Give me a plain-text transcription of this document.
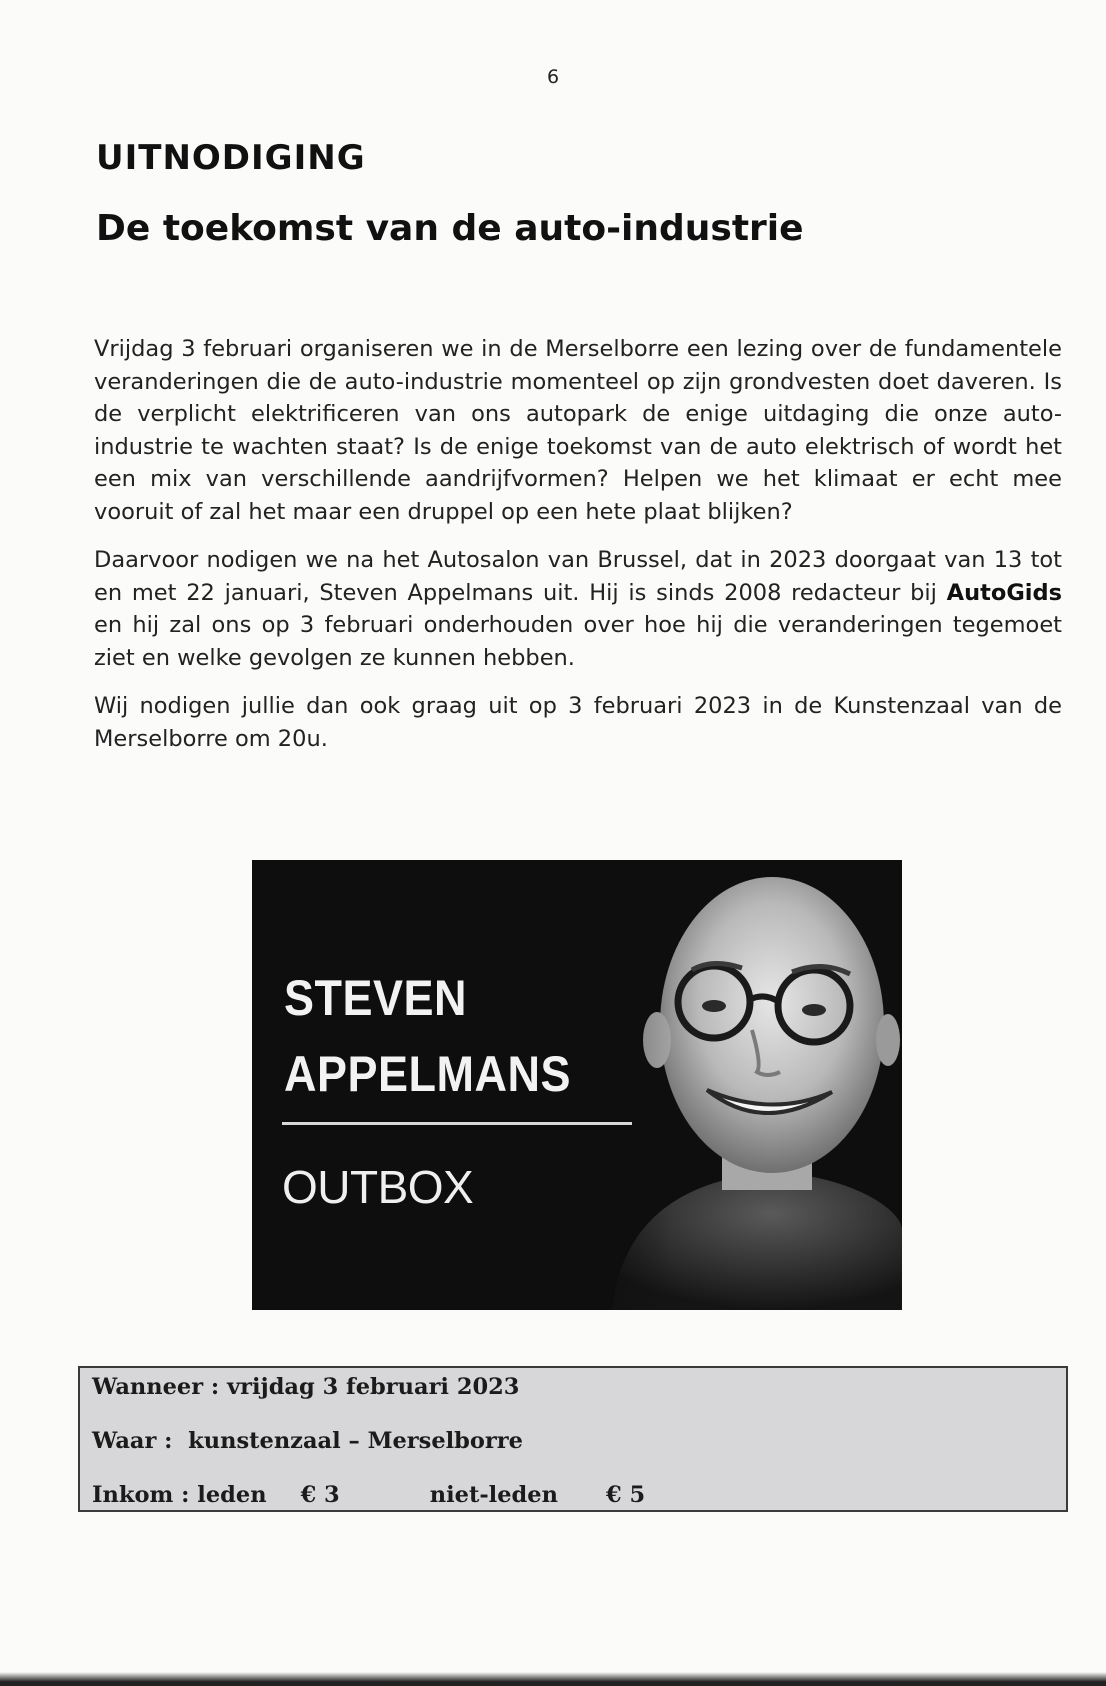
6
UITNODIGING
De toekomst van de auto-industrie

Vrijdag 3 februari organiseren we in de Merselborre een lezing over de fundamentele veranderingen die de auto-industrie momenteel op zijn grondvesten doet daveren. Is de verplicht elektrificeren van ons autopark de enige uitdaging die onze auto-industrie te wachten staat? Is de enige toekomst van de auto elektrisch of wordt het een mix van verschillende aandrijfvormen? Helpen we het klimaat er echt mee vooruit of zal het maar een druppel op een hete plaat blijken?

Daarvoor nodigen we na het Autosalon van Brussel, dat in 2023 doorgaat van 13 tot en met 22 januari, Steven Appelmans uit. Hij is sinds 2008 redacteur bij AutoGids en hij zal ons op 3 februari onderhouden over hoe hij die veranderingen tegemoet ziet en welke gevolgen ze kunnen hebben.

Wij nodigen jullie dan ook graag uit op 3 februari 2023 in de Kunstenzaal van de Merselborre om 20u.

STEVEN
APPELMANS
OUTBOX
Wanneer : vrijdag 3 februari 2023
Waar : kunstenzaal – Merselborre
Inkom : leden € 3	niet-leden € 5
